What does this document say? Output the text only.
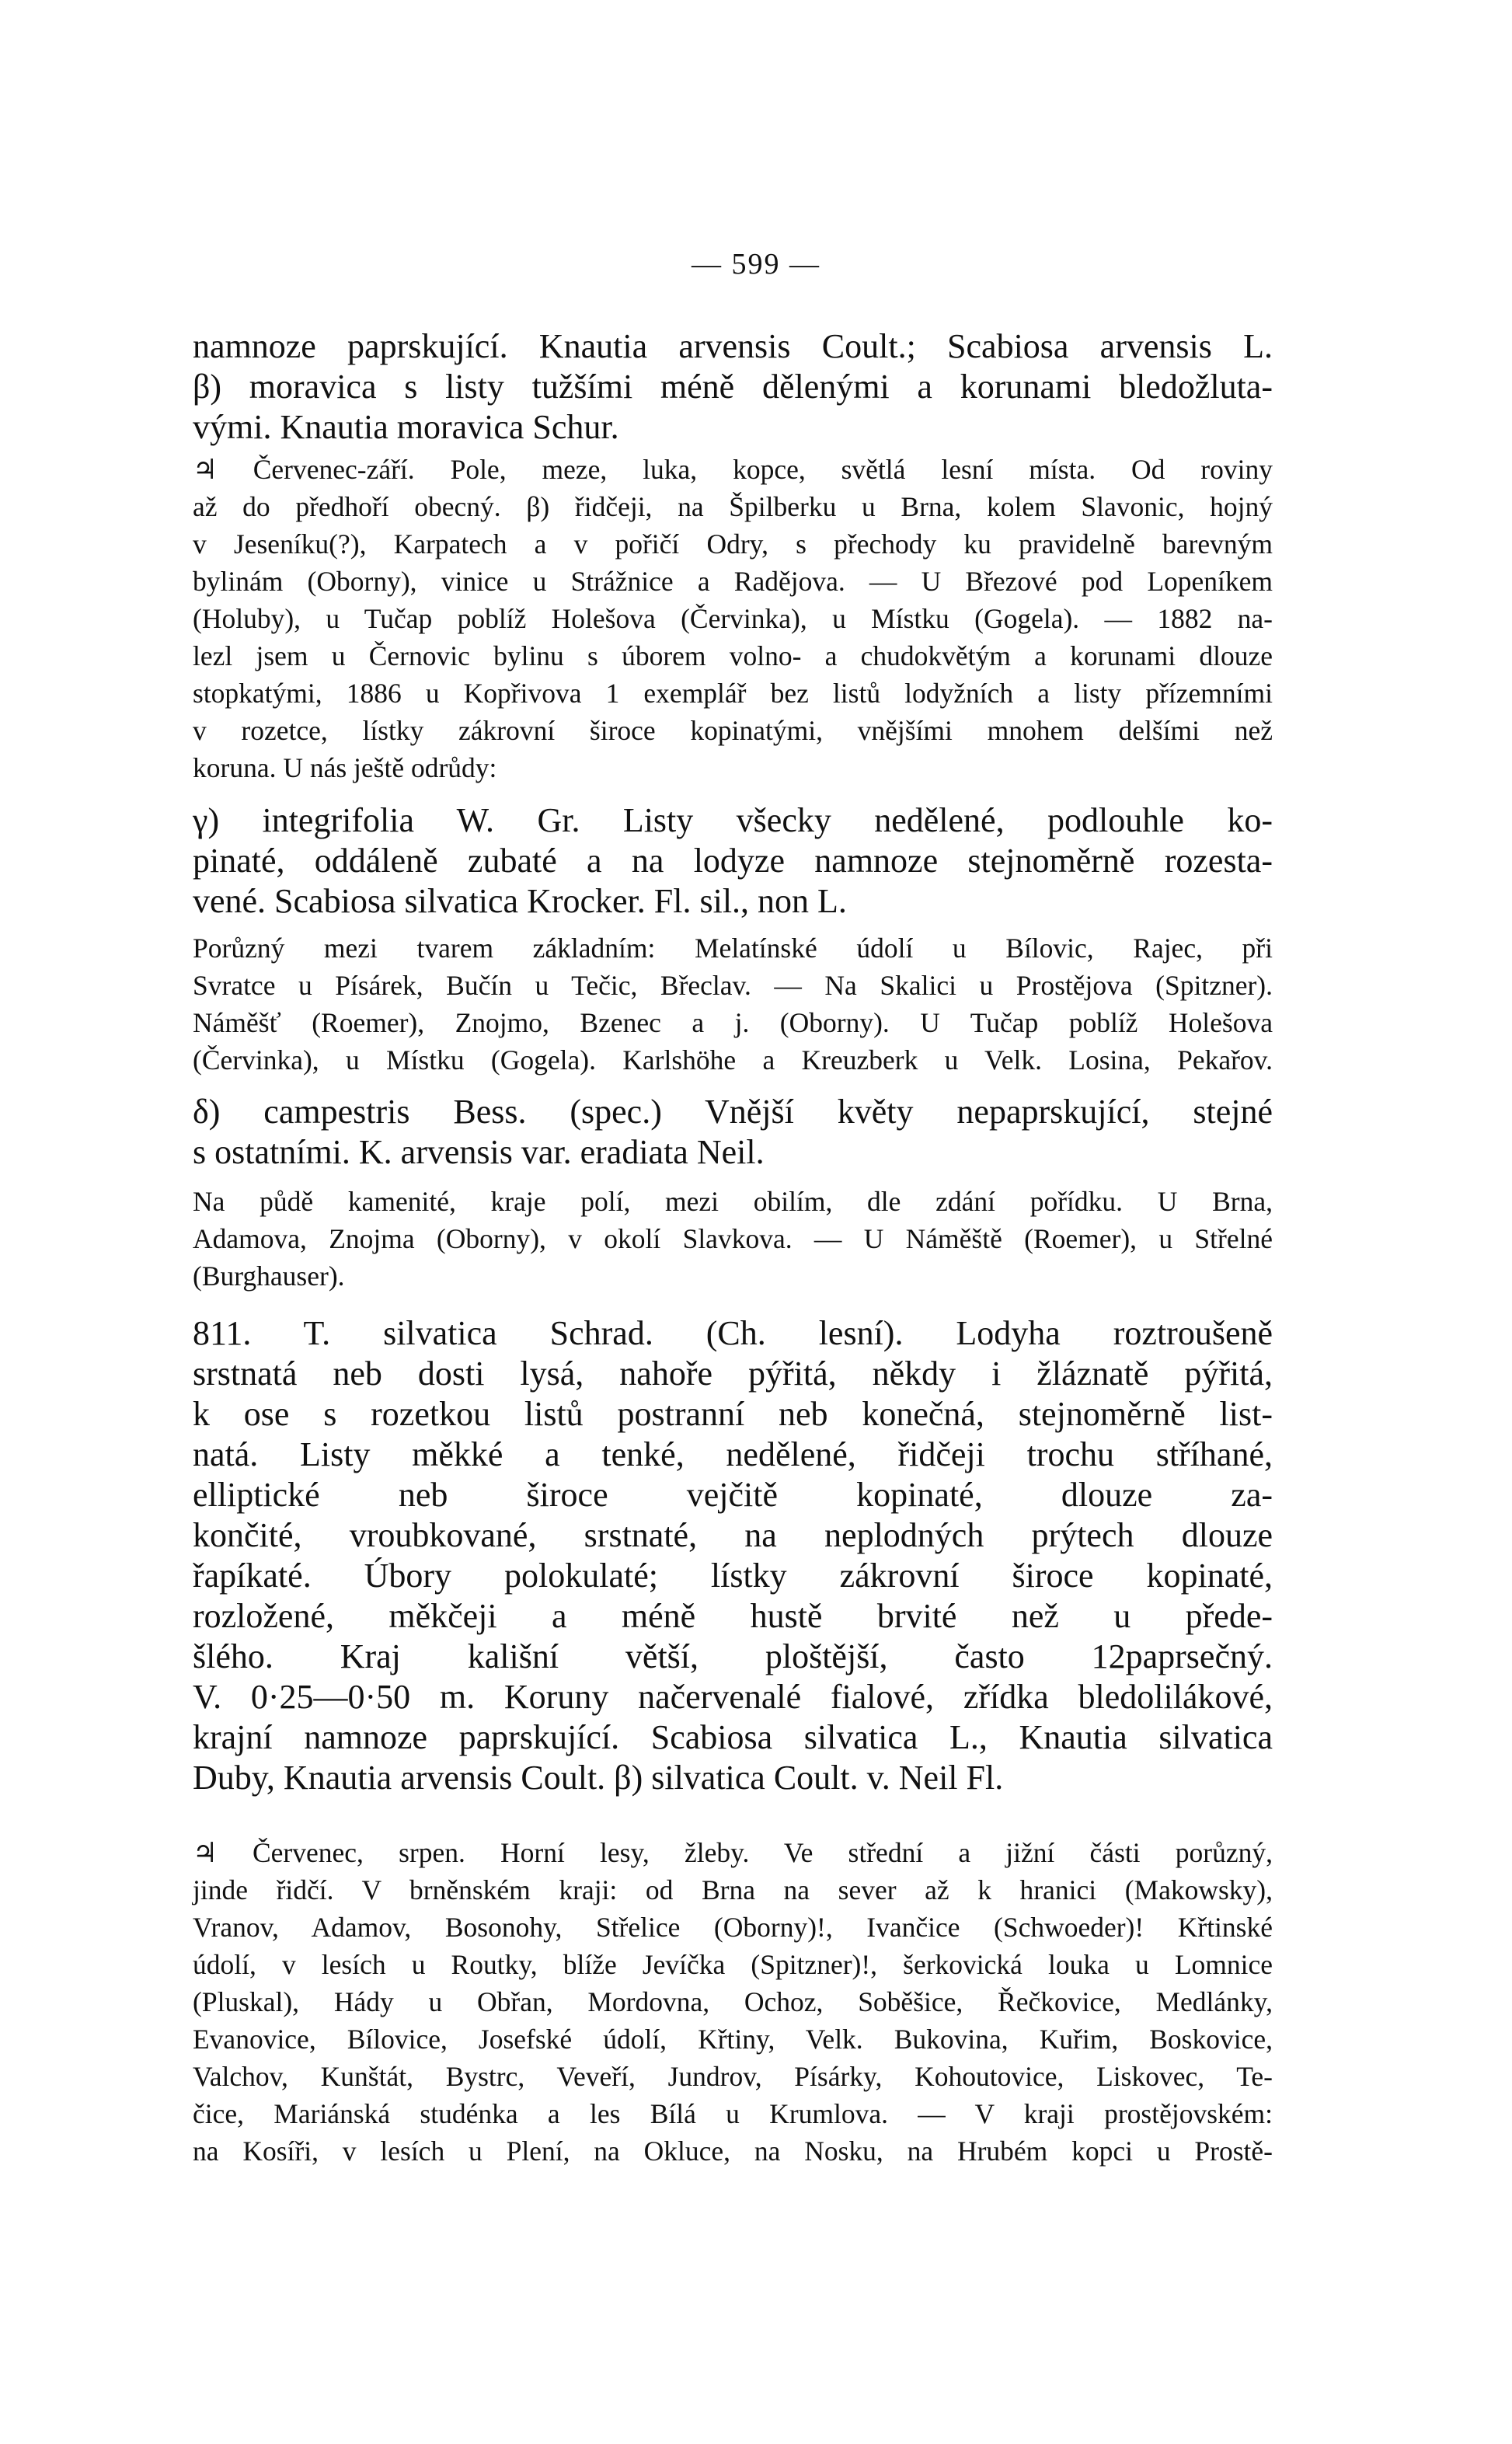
— 599 —
namnoze paprskující. Knautia arvensis Coult.; Scabiosa arvensis L.
β) moravica s listy tužšími méně dělenými a korunami bledožluta-
vými. Knautia moravica Schur.
♃ Červenec-září. Pole, meze, luka, kopce, světlá lesní místa. Od roviny
až do předhoří obecný. β) řidčeji, na Špilberku u Brna, kolem Slavonic, hojný
v Jeseníku(?), Karpatech a v pořičí Odry, s přechody ku pravidelně barevným
bylinám (Oborny), vinice u Strážnice a Radějova. — U Březové pod Lopeníkem
(Holuby), u Tučap poblíž Holešova (Červinka), u Místku (Gogela). — 1882 na-
lezl jsem u Černovic bylinu s úborem volno- a chudokvětým a korunami dlouze
stopkatými, 1886 u Kopřivova 1 exemplář bez listů lodyžních a listy přízemními
v rozetce, lístky zákrovní široce kopinatými, vnějšími mnohem delšími než
koruna. U nás ještě odrůdy:
γ) integrifolia W. Gr. Listy všecky nedělené, podlouhle ko-
pinaté, oddáleně zubaté a na lodyze namnoze stejnoměrně rozesta-
vené. Scabiosa silvatica Krocker. Fl. sil., non L.
Porůzný mezi tvarem základním: Melatínské údolí u Bílovic, Rajec, při
Svratce u Písárek, Bučín u Tečic, Břeclav. — Na Skalici u Prostějova (Spitzner).
Náměšť (Roemer), Znojmo, Bzenec a j. (Oborny). U Tučap poblíž Holešova
(Červinka), u Místku (Gogela). Karlshöhe a Kreuzberk u Velk. Losina, Pekařov.
δ) campestris Bess. (spec.) Vnější květy nepaprskující, stejné
s ostatními. K. arvensis var. eradiata Neil.
Na půdě kamenité, kraje polí, mezi obilím, dle zdání pořídku. U Brna,
Adamova, Znojma (Oborny), v okolí Slavkova. — U Náměště (Roemer), u Střelné
(Burghauser).
811. T. silvatica Schrad. (Ch. lesní). Lodyha roztroušeně
srstnatá neb dosti lysá, nahoře pýřitá, někdy i žláznatě pýřitá,
k ose s rozetkou listů postranní neb konečná, stejnoměrně list-
natá. Listy měkké a tenké, nedělené, řidčeji trochu stříhané,
elliptické neb široce vejčitě kopinaté, dlouze za-
končité, vroubkované, srstnaté, na neplodných prýtech dlouze
řapíkaté. Úbory polokulaté; lístky zákrovní široce kopinaté,
rozložené, měkčeji a méně hustě brvité než u přede-
šlého. Kraj kališní větší, ploštější, často 12paprsečný.
V. 0·25—0·50 m. Koruny načervenalé fialové, zřídka bledolilákové,
krajní namnoze paprskující. Scabiosa silvatica L., Knautia silvatica
Duby, Knautia arvensis Coult. β) silvatica Coult. v. Neil Fl.
♃ Červenec, srpen. Horní lesy, žleby. Ve střední a jižní části porůzný,
jinde řidčí. V brněnském kraji: od Brna na sever až k hranici (Makowsky),
Vranov, Adamov, Bosonohy, Střelice (Oborny)!, Ivančice (Schwoeder)! Křtinské
údolí, v lesích u Routky, blíže Jevíčka (Spitzner)!, šerkovická louka u Lomnice
(Pluskal), Hády u Obřan, Mordovna, Ochoz, Soběšice, Řečkovice, Medlánky,
Evanovice, Bílovice, Josefské údolí, Křtiny, Velk. Bukovina, Kuřim, Boskovice,
Valchov, Kunštát, Bystrc, Veveří, Jundrov, Písárky, Kohoutovice, Liskovec, Te-
čice, Mariánská studénka a les Bílá u Krumlova. — V kraji prostějovském:
na Kosíři, v lesích u Plení, na Okluce, na Nosku, na Hrubém kopci u Prostě-
